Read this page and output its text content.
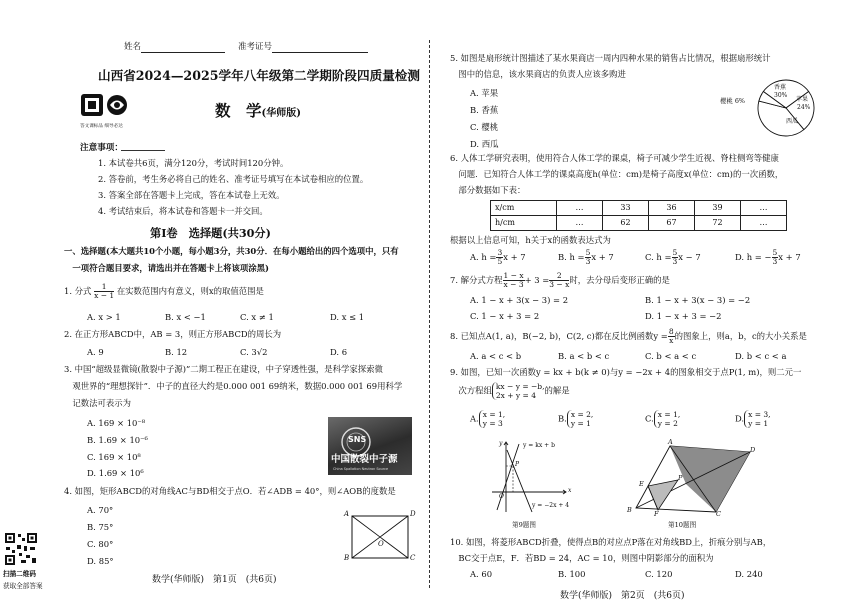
姓名	准考证号
山西省2024—2025学年八年级第二学期阶段四质量检测
答文课标品 细导必达
数　学(华师版)
注意事项：
1. 本试卷共6页，满分120分，考试时间120分钟。
2. 答卷前，考生务必将自己的姓名、准考证号填写在本试卷相应的位置。
3. 答案全部在答题卡上完成，答在本试卷上无效。
4. 考试结束后，将本试卷和答题卡一并交回。
第Ⅰ卷　选择题(共30分)
一、选择题(本大题共10个小题，每小题3分，共30分．在每小题给出的四个选项中，只有
　一项符合题目要求，请选出并在答题卡上将该项涂黑)
1. 分式 $\frac{1}{x - 1}$ 在实数范围内有意义，则x的取值范围是
A. x > 1	B. x < −1	C. x ≠ 1	D. x ≤ 1
2. 在正方形ABCD中，AB = 3，则正方形ABCD的周长为
A. 9	B. 12	C. 3√2	D. 6
3. 中国“超级显微镜(散裂中子源)”二期工程正在建设，中子穿透性强，是科学家探索微
　观世界的“理想探针”．中子的直径大约是0.000 001 69纳米，数据0.000 001 69用科学
　记数法可表示为
A. 169 × 10⁻⁸
B. 1.69 × 10⁻⁶
C. 169 × 10⁸
D. 1.69 × 10⁶
SNS
中国散裂中子源
China Spallation Neutron Source
4. 如图，矩形ABCD的对角线AC与BD相交于点O．若∠ADB = 40°，则∠AOB的度数是
A. 70°
B. 75°
C. 80°
D. 85°
A	D
B	C
O
扫描二维码
获取全部答案
数学(华师版)　第1页　(共6页)
5. 如图是扇形统计图描述了某水果商店一周内四种水果的销售占比情况，根据扇形统计
　图中的信息，该水果商店的负责人应该多购进
A. 苹果
B. 香蕉
C. 樱桃
D. 西瓜
香蕉
30%
苹果
24%
西瓜
樱桃 6%
6. 人体工学研究表明，使用符合人体工学的课桌，椅子可减少学生近视、脊柱侧弯等健康
　问题．已知符合人体工学的课桌高度h(单位：cm)是椅子高度x(单位：cm)的一次函数，
　部分数据如下表：
x/cm	…	33	36	39	…
h/cm	…	62	67	72	…
根据以上信息可知，h关于x的函数表达式为
A. $h = \frac{3}{5}$ x + 7	B. $h = \frac{5}{3}$ x + 7	C. $h = \frac{5}{3}$ x − 7	D. h = − $\frac{5}{3}$ x + 7
7. 解分式方程 $\frac{1 - x}{x - 3} + 3 = \frac{2}{3 - x}$ 时，去分母后变形正确的是
A. 1 − x + 3(x − 3) = 2	B. 1 − x + 3(x − 3) = −2
C. 1 − x + 3 = 2	D. 1 − x + 3 = −2
8. 已知点A(1, a)，B(−2, b)，C(2, c)都在反比例函数$y = \frac{8}{x}$ 的图象上，则a，b，c的大小关系是
A. a < c < b	B. a < b < c	C. b < a < c	D. b < c < a
9. 如图，已知一次函数y = kx + b(k ≠ 0)与y = −2x + 4的图象相交于点P(1, m)，则二元一
　次方程组 kx − y = −b,
2x + y = 4	的解是
A. x = 1,
y = 3	B. x = 2,
y = 1	C. x = 1,
y = 2	D. x = 3,
y = 1
y = kx + b
y = −2x + 4
P
O
x
y
第9题图
A
B	C
D
E
F
P
第10题图
10. 如图，将菱形ABCD折叠，使得点B的对应点P落在对角线BD上，折痕分别与AB，
　BC交于点E，F．若BD = 24，AC = 10，则图中阴影部分的面积为
A. 60	B. 100	C. 120	D. 240
数学(华师版)　第2页　(共6页)
